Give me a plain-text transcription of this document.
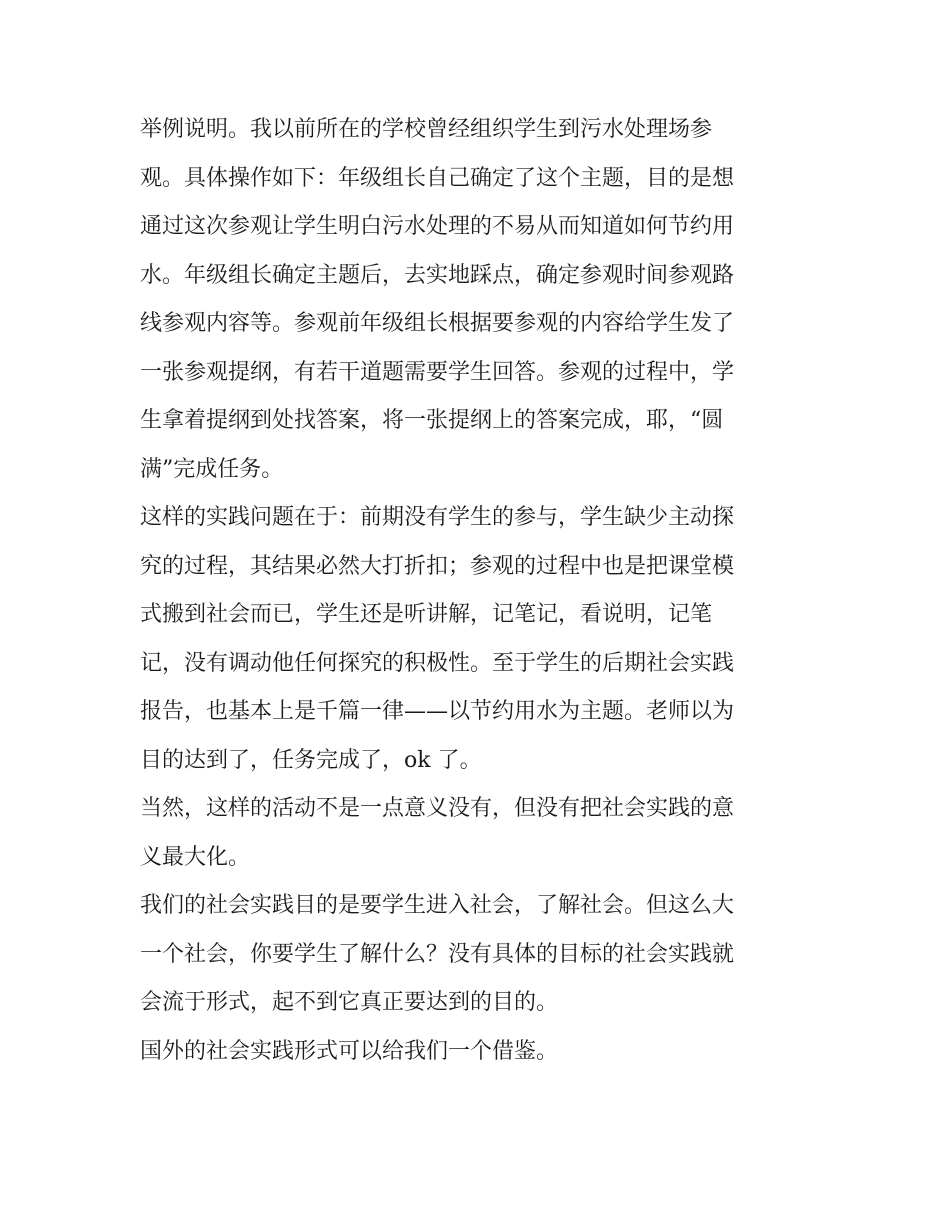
举例说明。我以前所在的学校曾经组织学生到污水处理场参
观。具体操作如下：年级组长自己确定了这个主题，目的是想
通过这次参观让学生明白污水处理的不易从而知道如何节约用
水。年级组长确定主题后，去实地踩点，确定参观时间参观路
线参观内容等。参观前年级组长根据要参观的内容给学生发了
一张参观提纲，有若干道题需要学生回答。参观的过程中，学
生拿着提纲到处找答案，将一张提纲上的答案完成，耶，“圆
满”完成任务。
这样的实践问题在于：前期没有学生的参与，学生缺少主动探
究的过程，其结果必然大打折扣；参观的过程中也是把课堂模
式搬到社会而已，学生还是听讲解，记笔记，看说明，记笔
记，没有调动他任何探究的积极性。至于学生的后期社会实践
报告，也基本上是千篇一律——以节约用水为主题。老师以为
目的达到了，任务完成了，ok 了。
当然，这样的活动不是一点意义没有，但没有把社会实践的意
义最大化。
我们的社会实践目的是要学生进入社会，了解社会。但这么大
一个社会，你要学生了解什么？没有具体的目标的社会实践就
会流于形式，起不到它真正要达到的目的。
国外的社会实践形式可以给我们一个借鉴。
